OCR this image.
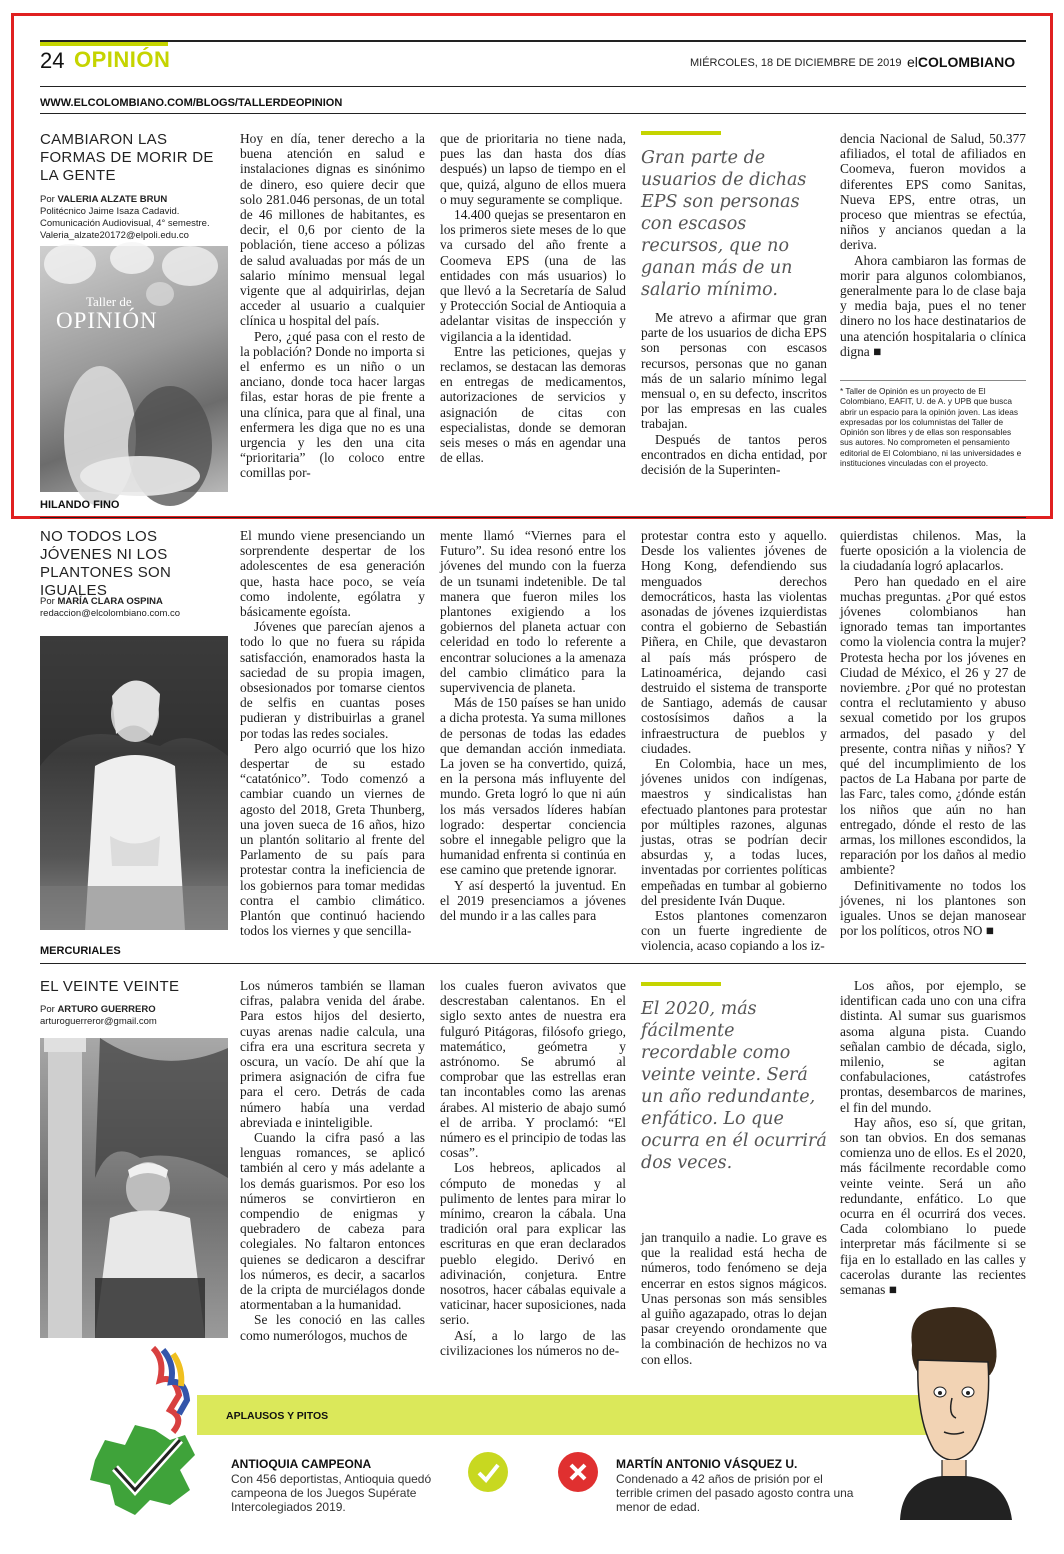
24 OPINIÓN	MIÉRCOLES, 18 DE DICIEMBRE DE 2019 elCOLOMBIANO
WWW.ELCOLOMBIANO.COM/BLOGS/TALLERDEOPINION
CAMBIARON LAS FORMAS DE MORIR DE LA GENTE
Por VALERIA ALZATE BRUN
Politécnico Jaime Isaza Cadavid.
Comunicación Audiovisual, 4° semestre.
Valeria_alzate20172@elpoli.edu.co
Taller de
OPINIÓN
HILANDO FINO

Hoy en día, tener derecho a la buena atención en salud e instalaciones dignas es sinónimo de dinero, eso quiere decir que solo 281.046 personas, de un total de 46 millones de habitantes, es decir, el 0,6 por ciento de la población, tiene acceso a pólizas de salud avaluadas por más de un salario mínimo mensual legal vigente que al adquirirlas, dejan acceder al usuario a cualquier clínica u hospital del país.

Pero, ¿qué pasa con el resto de la población? Donde no importa si el enfermo es un niño o un anciano, donde toca hacer largas filas, estar horas de pie frente a una clínica, para que al final, una enfermera les diga que no es una urgencia y les den una cita “prioritaria” (lo coloco entre comillas por-

que de prioritaria no tiene nada, pues las dan hasta dos días después) un lapso de tiempo en el que, quizá, alguno de ellos muera o muy seguramente se complique.

14.400 quejas se presentaron en los primeros siete meses de lo que va cursado del año frente a Coomeva EPS (una de las entidades con más usuarios) lo que llevó a la Secretaría de Salud y Protección Social de Antioquia a adelantar visitas de inspección y vigilancia a la identidad.

Entre las peticiones, quejas y reclamos, se destacan las demoras en entregas de medicamentos, autorizaciones de servicios y asignación de citas con especialistas, donde se demoran seis meses o más en agendar una de ellas.

Gran parte de usuarios de dichas EPS son personas con escasos recursos, que no ganan más de un salario mínimo.

Me atrevo a afirmar que gran parte de los usuarios de dicha EPS son personas con escasos recursos, personas que no ganan más de un salario mínimo legal mensual o, en su defecto, inscritos por las empresas en las cuales trabajan.

Después de tantos peros encontrados en dicha entidad, por decisión de la Superinten-

dencia Nacional de Salud, 50.377 afiliados, el total de afiliados en Coomeva, fueron movidos a diferentes EPS como Sanitas, Nueva EPS, entre otras, un proceso que mientras se efectúa, niños y ancianos quedan a la deriva.

Ahora cambiaron las formas de morir para algunos colombianos, generalmente para lo de clase baja y media baja, pues el no tener dinero no los hace destinatarios de una atención hospitalaria o clínica digna ■

* Taller de Opinión es un proyecto de El Colombiano, EAFIT, U. de A. y UPB que busca abrir un espacio para la opinión joven. Las ideas expresadas por los columnistas del Taller de Opinión son libres y de ellas son responsables sus autores. No comprometen el pensamiento editorial de El Colombiano, ni las universidades e instituciones vinculadas con el proyecto.
NO TODOS LOS JÓVENES NI LOS PLANTONES SON IGUALES
Por MARÍA CLARA OSPINA
redaccion@elcolombiano.com.co
MERCURIALES

El mundo viene presenciando un sorprendente despertar de los adolescentes de esa generación que, hasta hace poco, se veía como indolente, ególatra y básicamente egoísta.

Jóvenes que parecían ajenos a todo lo que no fuera su rápida satisfacción, enamorados hasta la saciedad de su propia imagen, obsesionados por tomarse cientos de selfis en cuantas poses pudieran y distribuirlas a granel por todas las redes sociales.

Pero algo ocurrió que los hizo despertar de su estado “catatónico”. Todo comenzó a cambiar cuando un viernes de agosto del 2018, Greta Thunberg, una joven sueca de 16 años, hizo un plantón solitario al frente del Parlamento de su país para protestar contra la ineficiencia de los gobiernos para tomar medidas contra el cambio climático. Plantón que continuó haciendo todos los viernes y que sencilla-

mente llamó “Viernes para el Futuro”. Su idea resonó entre los jóvenes del mundo con la fuerza de un tsunami indetenible. De tal manera que fueron miles los plantones exigiendo a los gobiernos del planeta actuar con celeridad en todo lo referente a encontrar soluciones a la amenaza del cambio climático para la supervivencia de planeta.

Más de 150 países se han unido a dicha protesta. Ya suma millones de personas de todas las edades que demandan acción inmediata. La joven se ha convertido, quizá, en la persona más influyente del mundo. Greta logró lo que ni aún los más versados líderes habían logrado: despertar conciencia sobre el innegable peligro que la humanidad enfrenta si continúa en ese camino que pretende ignorar.

Y así despertó la juventud. En el 2019 presenciamos a jóvenes del mundo ir a las calles para

protestar contra esto y aquello. Desde los valientes jóvenes de Hong Kong, defendiendo sus menguados derechos democráticos, hasta las violentas asonadas de jóvenes izquierdistas contra el gobierno de Sebastián Piñera, en Chile, que devastaron al país más próspero de Latinoamérica, dejando casi destruido el sistema de transporte de Santiago, además de causar costosísimos daños a la infraestructura de pueblos y ciudades.

En Colombia, hace un mes, jóvenes unidos con indígenas, maestros y sindicalistas han efectuado plantones para protestar por múltiples razones, algunas justas, otras se podrían decir absurdas y, a todas luces, inventadas por corrientes políticas empeñadas en tumbar al gobierno del presidente Iván Duque.

Estos plantones comenzaron con un fuerte ingrediente de violencia, acaso copiando a los iz-

quierdistas chilenos. Mas, la fuerte oposición a la violencia de la ciudadanía logró aplacarlos.

Pero han quedado en el aire muchas preguntas. ¿Por qué estos jóvenes colombianos han ignorado temas tan importantes como la violencia contra la mujer? Protesta hecha por los jóvenes en Ciudad de México, el 26 y 27 de noviembre. ¿Por qué no protestan contra el reclutamiento y abuso sexual cometido por los grupos armados, del pasado y del presente, contra niñas y niños? Y qué del incumplimiento de los pactos de La Habana por parte de las Farc, tales como, ¿dónde están los niños que aún no han entregado, dónde el resto de las armas, los millones escondidos, la reparación por los daños al medio ambiente?

Definitivamente no todos los jóvenes, ni los plantones son iguales. Unos se dejan manosear por los políticos, otros NO ■

EL VEINTE VEINTE
Por ARTURO GUERRERO
arturoguerreror@gmail.com

Los números también se llaman cifras, palabra venida del árabe. Para estos hijos del desierto, cuyas arenas nadie calcula, una cifra era una escritura secreta y oscura, un vacío. De ahí que la primera asignación de cifra fue para el cero. Detrás de cada número había una verdad abreviada e ininteligible.

Cuando la cifra pasó a las lenguas romances, se aplicó también al cero y más adelante a los demás guarismos. Por eso los números se convirtieron en compendio de enigmas y quebradero de cabeza para colegiales. No faltaron entonces quienes se dedicaron a descifrar los números, es decir, a sacarlos de la cripta de murciélagos donde atormentaban a la humanidad.

Se les conoció en las calles como numerólogos, muchos de

los cuales fueron avivatos que descrestaban calentanos. En el siglo sexto antes de nuestra era fulguró Pitágoras, filósofo griego, matemático, geómetra y astrónomo. Se abrumó al comprobar que las estrellas eran tan incontables como las arenas árabes. Al misterio de abajo sumó el de arriba. Y proclamó: “El número es el principio de todas las cosas”.

Los hebreos, aplicados al cómputo de monedas y al pulimento de lentes para mirar lo mínimo, crearon la cábala. Una tradición oral para explicar las escrituras en que eran declarados pueblo elegido. Derivó en adivinación, conjetura. Entre nosotros, hacer cábalas equivale a vaticinar, hacer suposiciones, nada serio.

Así, a lo largo de las civilizaciones los números no de-

El 2020, más fácilmente recordable como veinte veinte. Será un año redundante, enfático. Lo que ocurra en él ocurrirá dos veces.

jan tranquilo a nadie. Lo grave es que la realidad está hecha de números, todo fenómeno se deja encerrar en estos signos mágicos. Unas personas son más sensibles al guiño agazapado, otras lo dejan pasar creyendo orondamente que la combinación de hechizos no va con ellos.

Los años, por ejemplo, se identifican cada uno con una cifra distinta. Al sumar sus guarismos asoma alguna pista. Cuando señalan cambio de década, siglo, milenio, se agitan confabulaciones, catástrofes prontas, desembarcos de marines, el fin del mundo.

Hay años, eso sí, que gritan, son tan obvios. En dos semanas comienza uno de ellos. Es el 2020, más fácilmente recordable como veinte veinte. Será un año redundante, enfático. Lo que ocurra en él ocurrirá dos veces. Cada colombiano lo puede interpretar más fácilmente si se fija en lo estallado en las calles y cacerolas durante las recientes semanas ■

APLAUSOS Y PITOS
ANTIOQUIA CAMPEONA
Con 456 deportistas, Antioquia quedó campeona de los Juegos Supérate Intercolegiados 2019.
MARTÍN ANTONIO VÁSQUEZ U.
Condenado a 42 años de prisión por el terrible crimen del pasado agosto contra una menor de edad.
